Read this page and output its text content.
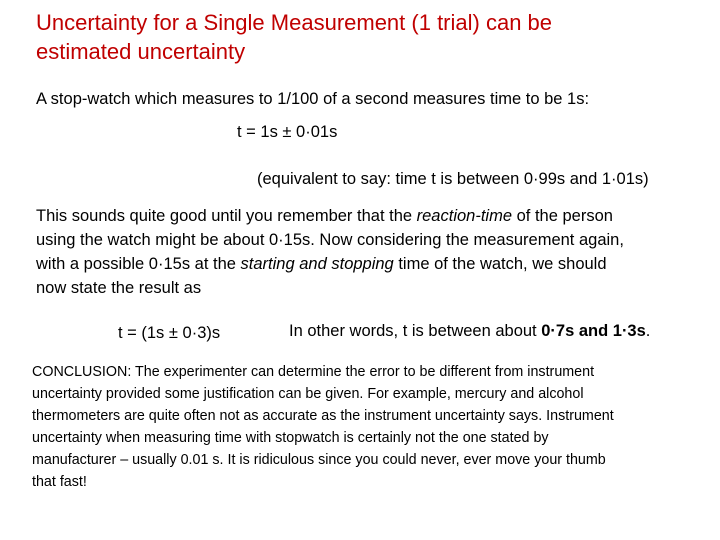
Uncertainty for a Single Measurement (1 trial) can be
estimated uncertainty
A stop-watch which measures to 1/100 of a second measures time to be 1s:
t = 1s ± 0·01s
(equivalent to say: time t is between 0·99s and 1·01s)

This sounds quite good until you remember that the reaction-time of the person
using the watch might be about 0·15s. Now considering the measurement again,
with a possible 0·15s at the starting and stopping time of the watch, we should
now state the result as

t = (1s ± 0·3)s	In other words, t is between about 0·7s and 1·3s.

CONCLUSION: The experimenter can determine the error to be different from instrument
uncertainty provided some justification can be given. For example, mercury and alcohol
thermometers are quite often not as accurate as the instrument uncertainty says. Instrument
uncertainty when measuring time with stopwatch is certainly not the one stated by
manufacturer – usually 0.01 s. It is ridiculous since you could never, ever move your thumb
that fast!
